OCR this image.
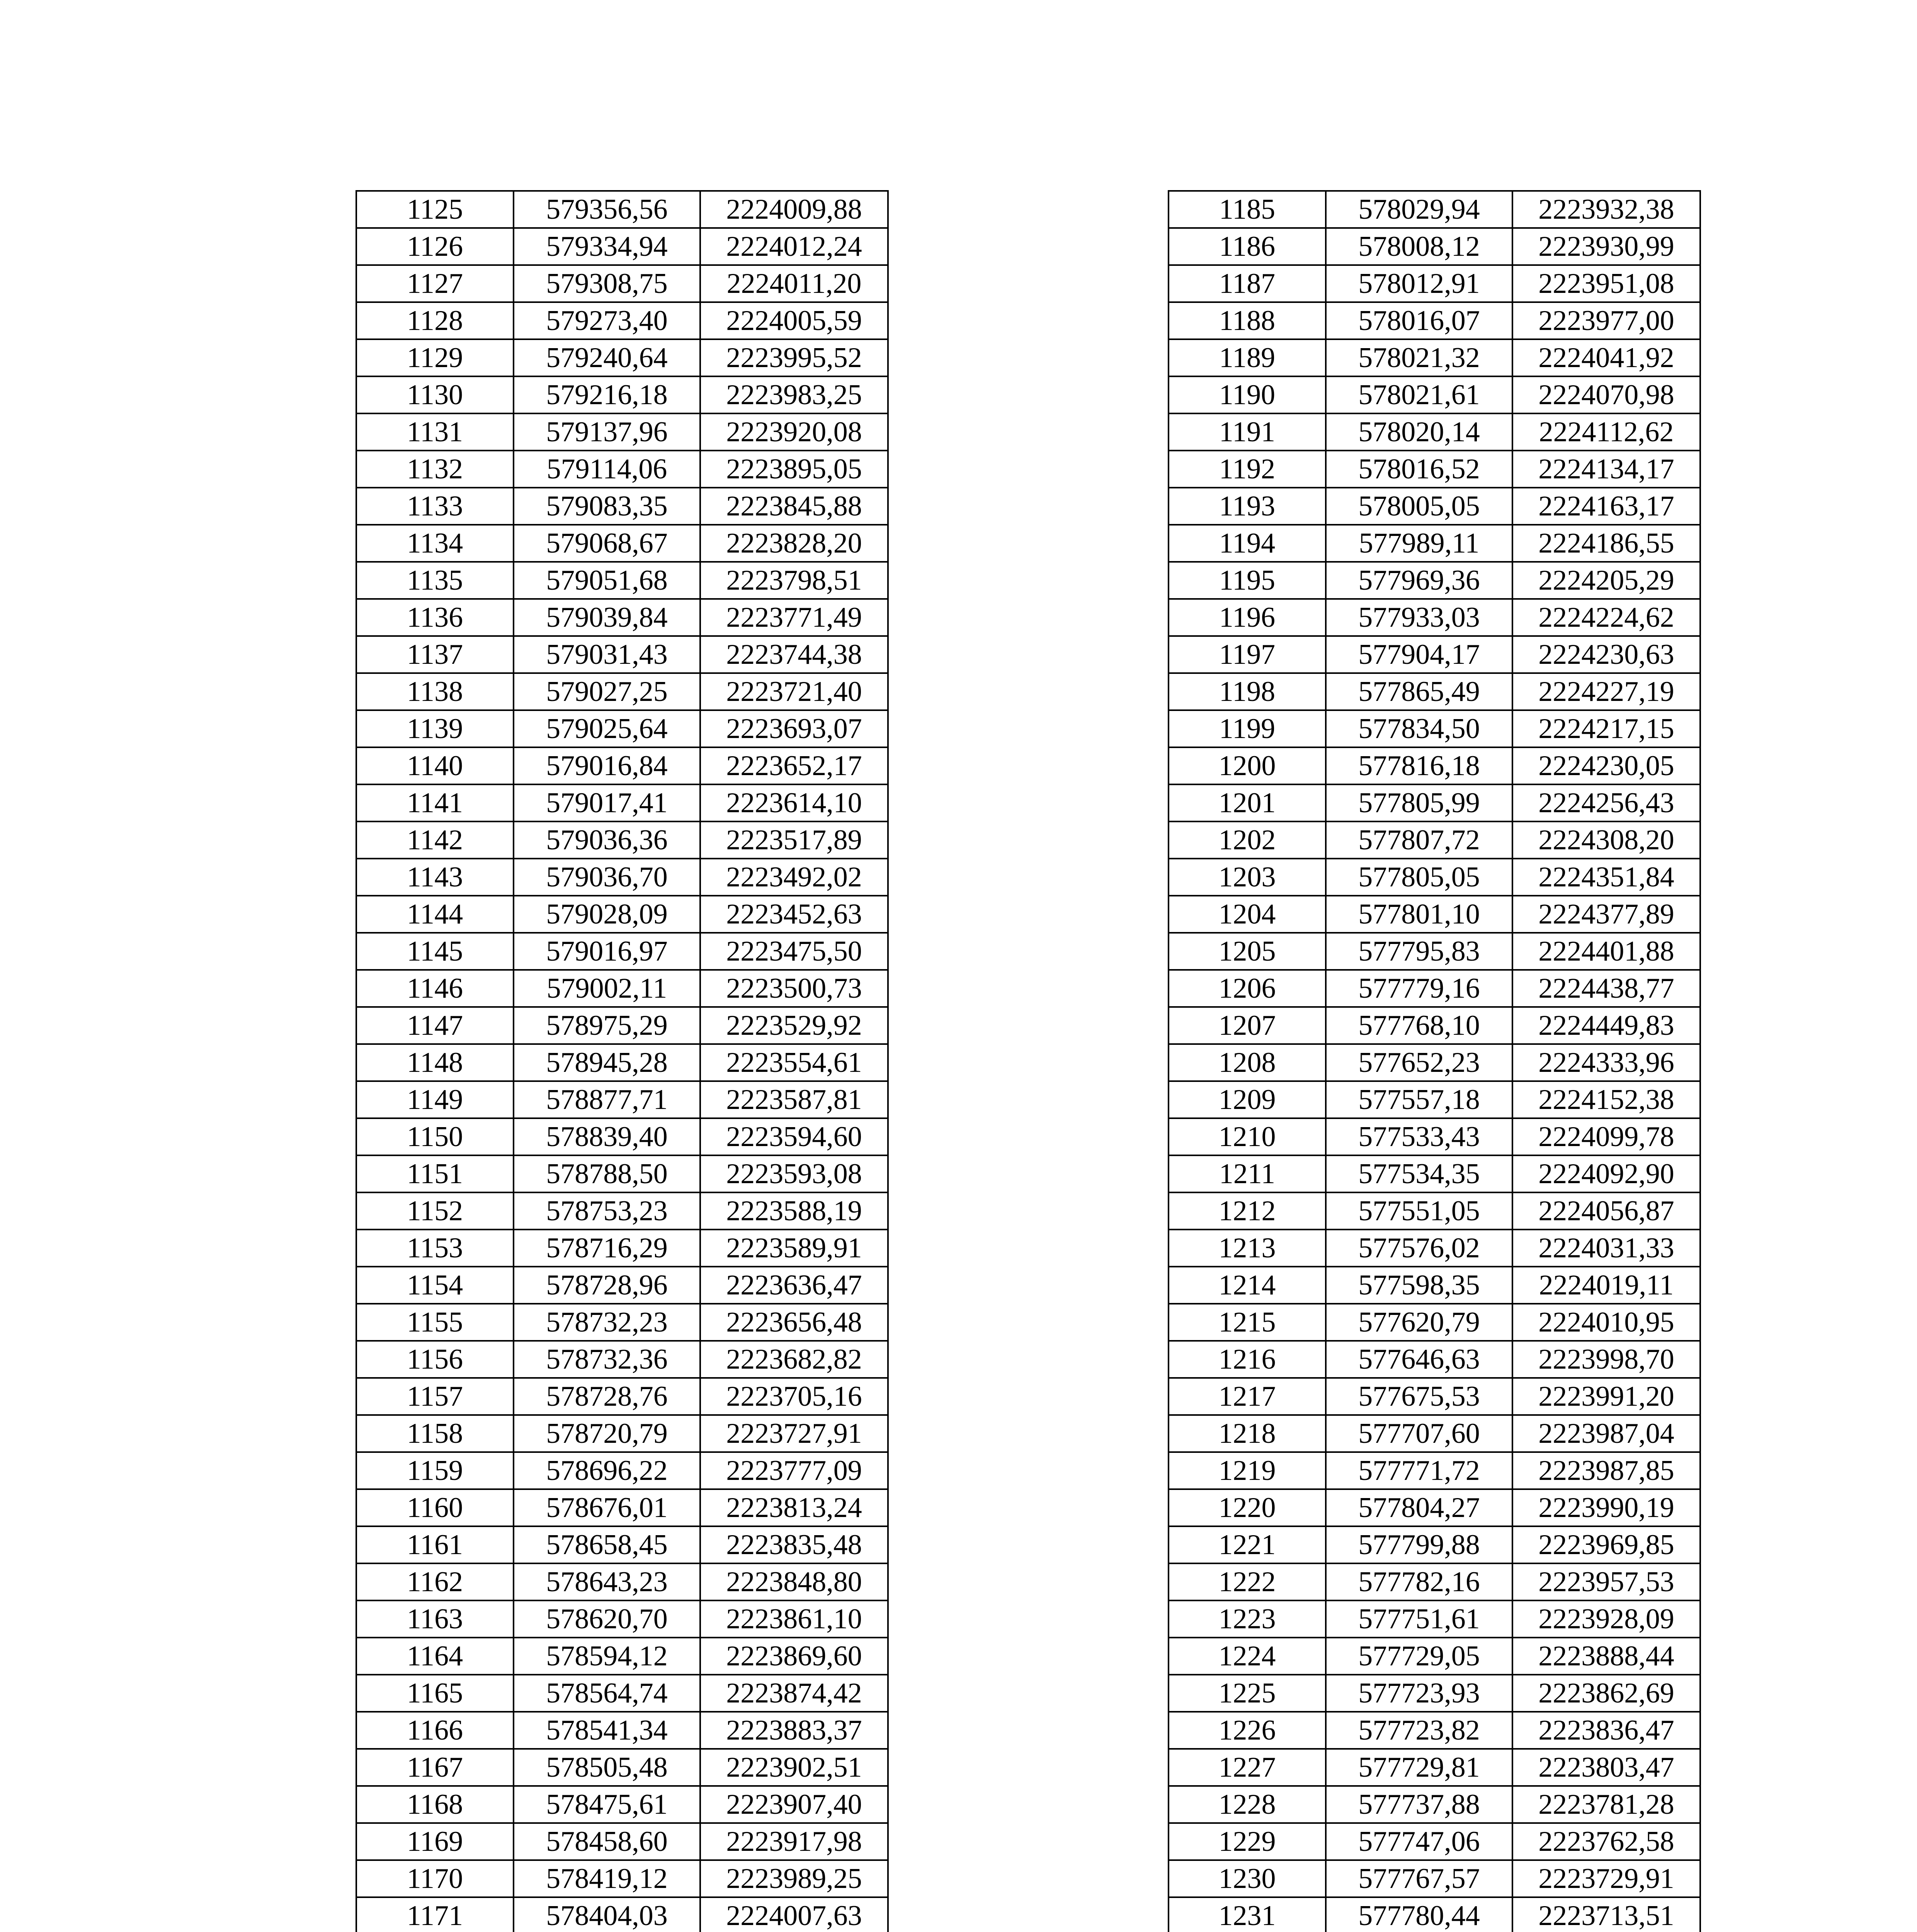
1125	579356,56	2224009,88
1126	579334,94	2224012,24
1127	579308,75	2224011,20
1128	579273,40	2224005,59
1129	579240,64	2223995,52
1130	579216,18	2223983,25
1131	579137,96	2223920,08
1132	579114,06	2223895,05
1133	579083,35	2223845,88
1134	579068,67	2223828,20
1135	579051,68	2223798,51
1136	579039,84	2223771,49
1137	579031,43	2223744,38
1138	579027,25	2223721,40
1139	579025,64	2223693,07
1140	579016,84	2223652,17
1141	579017,41	2223614,10
1142	579036,36	2223517,89
1143	579036,70	2223492,02
1144	579028,09	2223452,63
1145	579016,97	2223475,50
1146	579002,11	2223500,73
1147	578975,29	2223529,92
1148	578945,28	2223554,61
1149	578877,71	2223587,81
1150	578839,40	2223594,60
1151	578788,50	2223593,08
1152	578753,23	2223588,19
1153	578716,29	2223589,91
1154	578728,96	2223636,47
1155	578732,23	2223656,48
1156	578732,36	2223682,82
1157	578728,76	2223705,16
1158	578720,79	2223727,91
1159	578696,22	2223777,09
1160	578676,01	2223813,24
1161	578658,45	2223835,48
1162	578643,23	2223848,80
1163	578620,70	2223861,10
1164	578594,12	2223869,60
1165	578564,74	2223874,42
1166	578541,34	2223883,37
1167	578505,48	2223902,51
1168	578475,61	2223907,40
1169	578458,60	2223917,98
1170	578419,12	2223989,25
1171	578404,03	2224007,63

1185	578029,94	2223932,38
1186	578008,12	2223930,99
1187	578012,91	2223951,08
1188	578016,07	2223977,00
1189	578021,32	2224041,92
1190	578021,61	2224070,98
1191	578020,14	2224112,62
1192	578016,52	2224134,17
1193	578005,05	2224163,17
1194	577989,11	2224186,55
1195	577969,36	2224205,29
1196	577933,03	2224224,62
1197	577904,17	2224230,63
1198	577865,49	2224227,19
1199	577834,50	2224217,15
1200	577816,18	2224230,05
1201	577805,99	2224256,43
1202	577807,72	2224308,20
1203	577805,05	2224351,84
1204	577801,10	2224377,89
1205	577795,83	2224401,88
1206	577779,16	2224438,77
1207	577768,10	2224449,83
1208	577652,23	2224333,96
1209	577557,18	2224152,38
1210	577533,43	2224099,78
1211	577534,35	2224092,90
1212	577551,05	2224056,87
1213	577576,02	2224031,33
1214	577598,35	2224019,11
1215	577620,79	2224010,95
1216	577646,63	2223998,70
1217	577675,53	2223991,20
1218	577707,60	2223987,04
1219	577771,72	2223987,85
1220	577804,27	2223990,19
1221	577799,88	2223969,85
1222	577782,16	2223957,53
1223	577751,61	2223928,09
1224	577729,05	2223888,44
1225	577723,93	2223862,69
1226	577723,82	2223836,47
1227	577729,81	2223803,47
1228	577737,88	2223781,28
1229	577747,06	2223762,58
1230	577767,57	2223729,91
1231	577780,44	2223713,51
